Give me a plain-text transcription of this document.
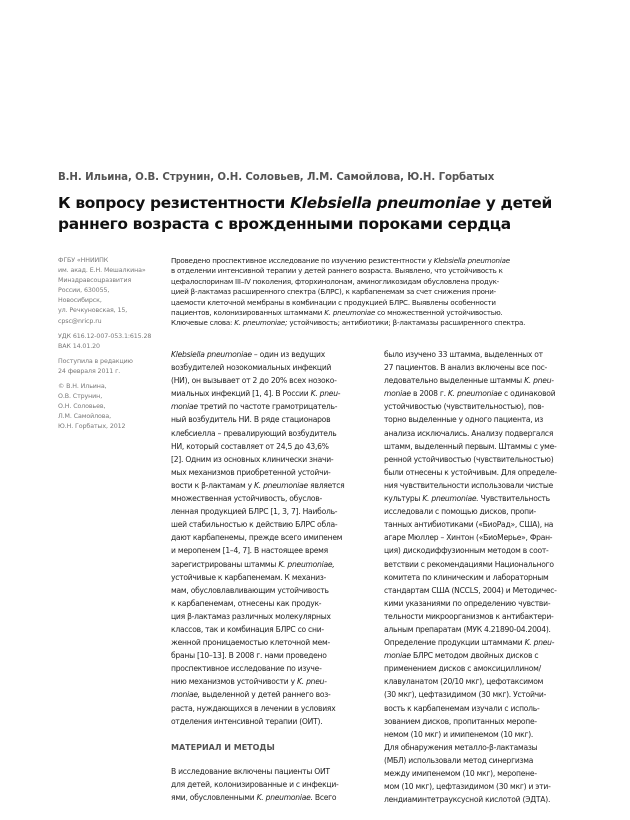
В.Н. Ильина, О.В. Струнин, О.Н. Соловьев, Л.М. Самойлова, Ю.Н. Горбатых
К вопросу резистентности Klebsiella pneumoniae у детей
раннего возраста с врожденными пороками сердца
ФГБУ «ННИИПК
им. акад. Е.Н. Мешалкина»
Минздравсоцразвития
России, 630055,
Новосибирск,
ул. Речкуновская, 15,
cpsc@nricp.ru
УДК 616.12-007-053.1:615.28
ВАК 14.01.20
Поступила в редакцию
24 февраля 2011 г.
© В.Н. Ильина,
О.В. Струнин,
О.Н. Соловьев,
Л.М. Самойлова,
Ю.Н. Горбатых, 2012
Проведено проспективное исследование по изучению резистентности у Klebsiella pneumoniae
в отделении интенсивной терапии у детей раннего возраста. Выявлено, что устойчивость к
цефалоспоринам III–IV поколения, фторхинолонам, аминогликозидам обусловлена продук-
цией β-лактамаз расширенного спектра (БЛРС), к карбапенемам за счет снижения прони-
цаемости клеточной мембраны в комбинации с продукцией БЛРС. Выявлены особенности
пациентов, колонизированных штаммами K. pneumoniae со множественной устойчивостью.
Ключевые слова: K. pneumoniae; устойчивость; антибиотики; β-лактамазы расширенного спектра.
Klebsiella pneumoniae – один из ведущих
возбудителей нозокомиальных инфекций
(НИ), он вызывает от 2 до 20% всех нозоко-
миальных инфекций [1, 4]. В России K. pneu-
moniae третий по частоте грамотрицатель-
ный возбудитель НИ. В ряде стационаров
клебсиелла – превалирующий возбудитель
НИ, который составляет от 24,5 до 43,6%
[2]. Одним из основных клинически значи-
мых механизмов приобретенной устойчи-
вости к β-лактамам у K. pneumoniae является
множественная устойчивость, обуслов-
ленная продукцией БЛРС [1, 3, 7]. Наиболь-
шей стабильностью к действию БЛРС обла-
дают карбапенемы, прежде всего имипенем
и меропенем [1–4, 7]. В настоящее время
зарегистрированы штаммы K. pneumoniae,
устойчивые к карбапенемам. К механиз-
мам, обусловлавливающим устойчивость
к карбапенемам, отнесены как продук-
ция β-лактамаз различных молекулярных
классов, так и комбинация БЛРС со сни-
женной проницаемостью клеточной мем-
браны [10–13]. В 2008 г. нами проведено
проспективное исследование по изуче-
нию механизмов устойчивости у K. pneu-
moniae, выделенной у детей раннего воз-
раста, нуждающихся в лечении в условиях
отделения интенсивной терапии (ОИТ).
МАТЕРИАЛ И МЕТОДЫ
В исследование включены пациенты ОИТ
для детей, колонизированные и с инфекци-
ями, обусловленными K. pneumoniae. Всего
было изучено 33 штамма, выделенных от
27 пациентов. В анализ включены все пос-
ледовательно выделенные штаммы K. pneu-
moniae в 2008 г. K. pneumoniae с одинаковой
устойчивостью (чувствительностью), пов-
торно выделенные у одного пациента, из
анализа исключались. Анализу подвергался
штамм, выделенный первым. Штаммы с уме-
ренной устойчивостью (чувствительностью)
были отнесены к устойчивым. Для определе-
ния чувствительности использовали чистые
культуры K. pneumoniae. Чувствительность
исследовали с помощью дисков, пропи-
танных антибиотиками («БиоРад», США), на
агаре Мюллер – Хинтон («БиоМерье», Фран-
ция) дискодиффузионным методом в соот-
ветствии с рекомендациями Национального
комитета по клиническим и лабораторным
стандартам США (NCCLS, 2004) и Методичес-
кими указаниями по определению чувстви-
тельности микроорганизмов к антибактери-
альным препаратам (МУК 4.21890-04.2004).
Определение продукции штаммами K. pneu-
moniae БЛРС методом двойных дисков с
применением дисков с амоксициллином/
клавуланатом (20/10 мкг), цефотаксимом
(30 мкг), цефтазидимом (30 мкг). Устойчи-
вость к карбапенемам изучали с исполь-
зованием дисков, пропитанных меропе-
немом (10 мкг) и имипенемом (10 мкг).
Для обнаружения металло-β-лактамазы
(МБЛ) использовали метод синергизма
между имипенемом (10 мкг), меропене-
мом (10 мкг), цефтазидимом (30 мкг) и эти-
лендиаминтетрауксусной кислотой (ЭДТА).
